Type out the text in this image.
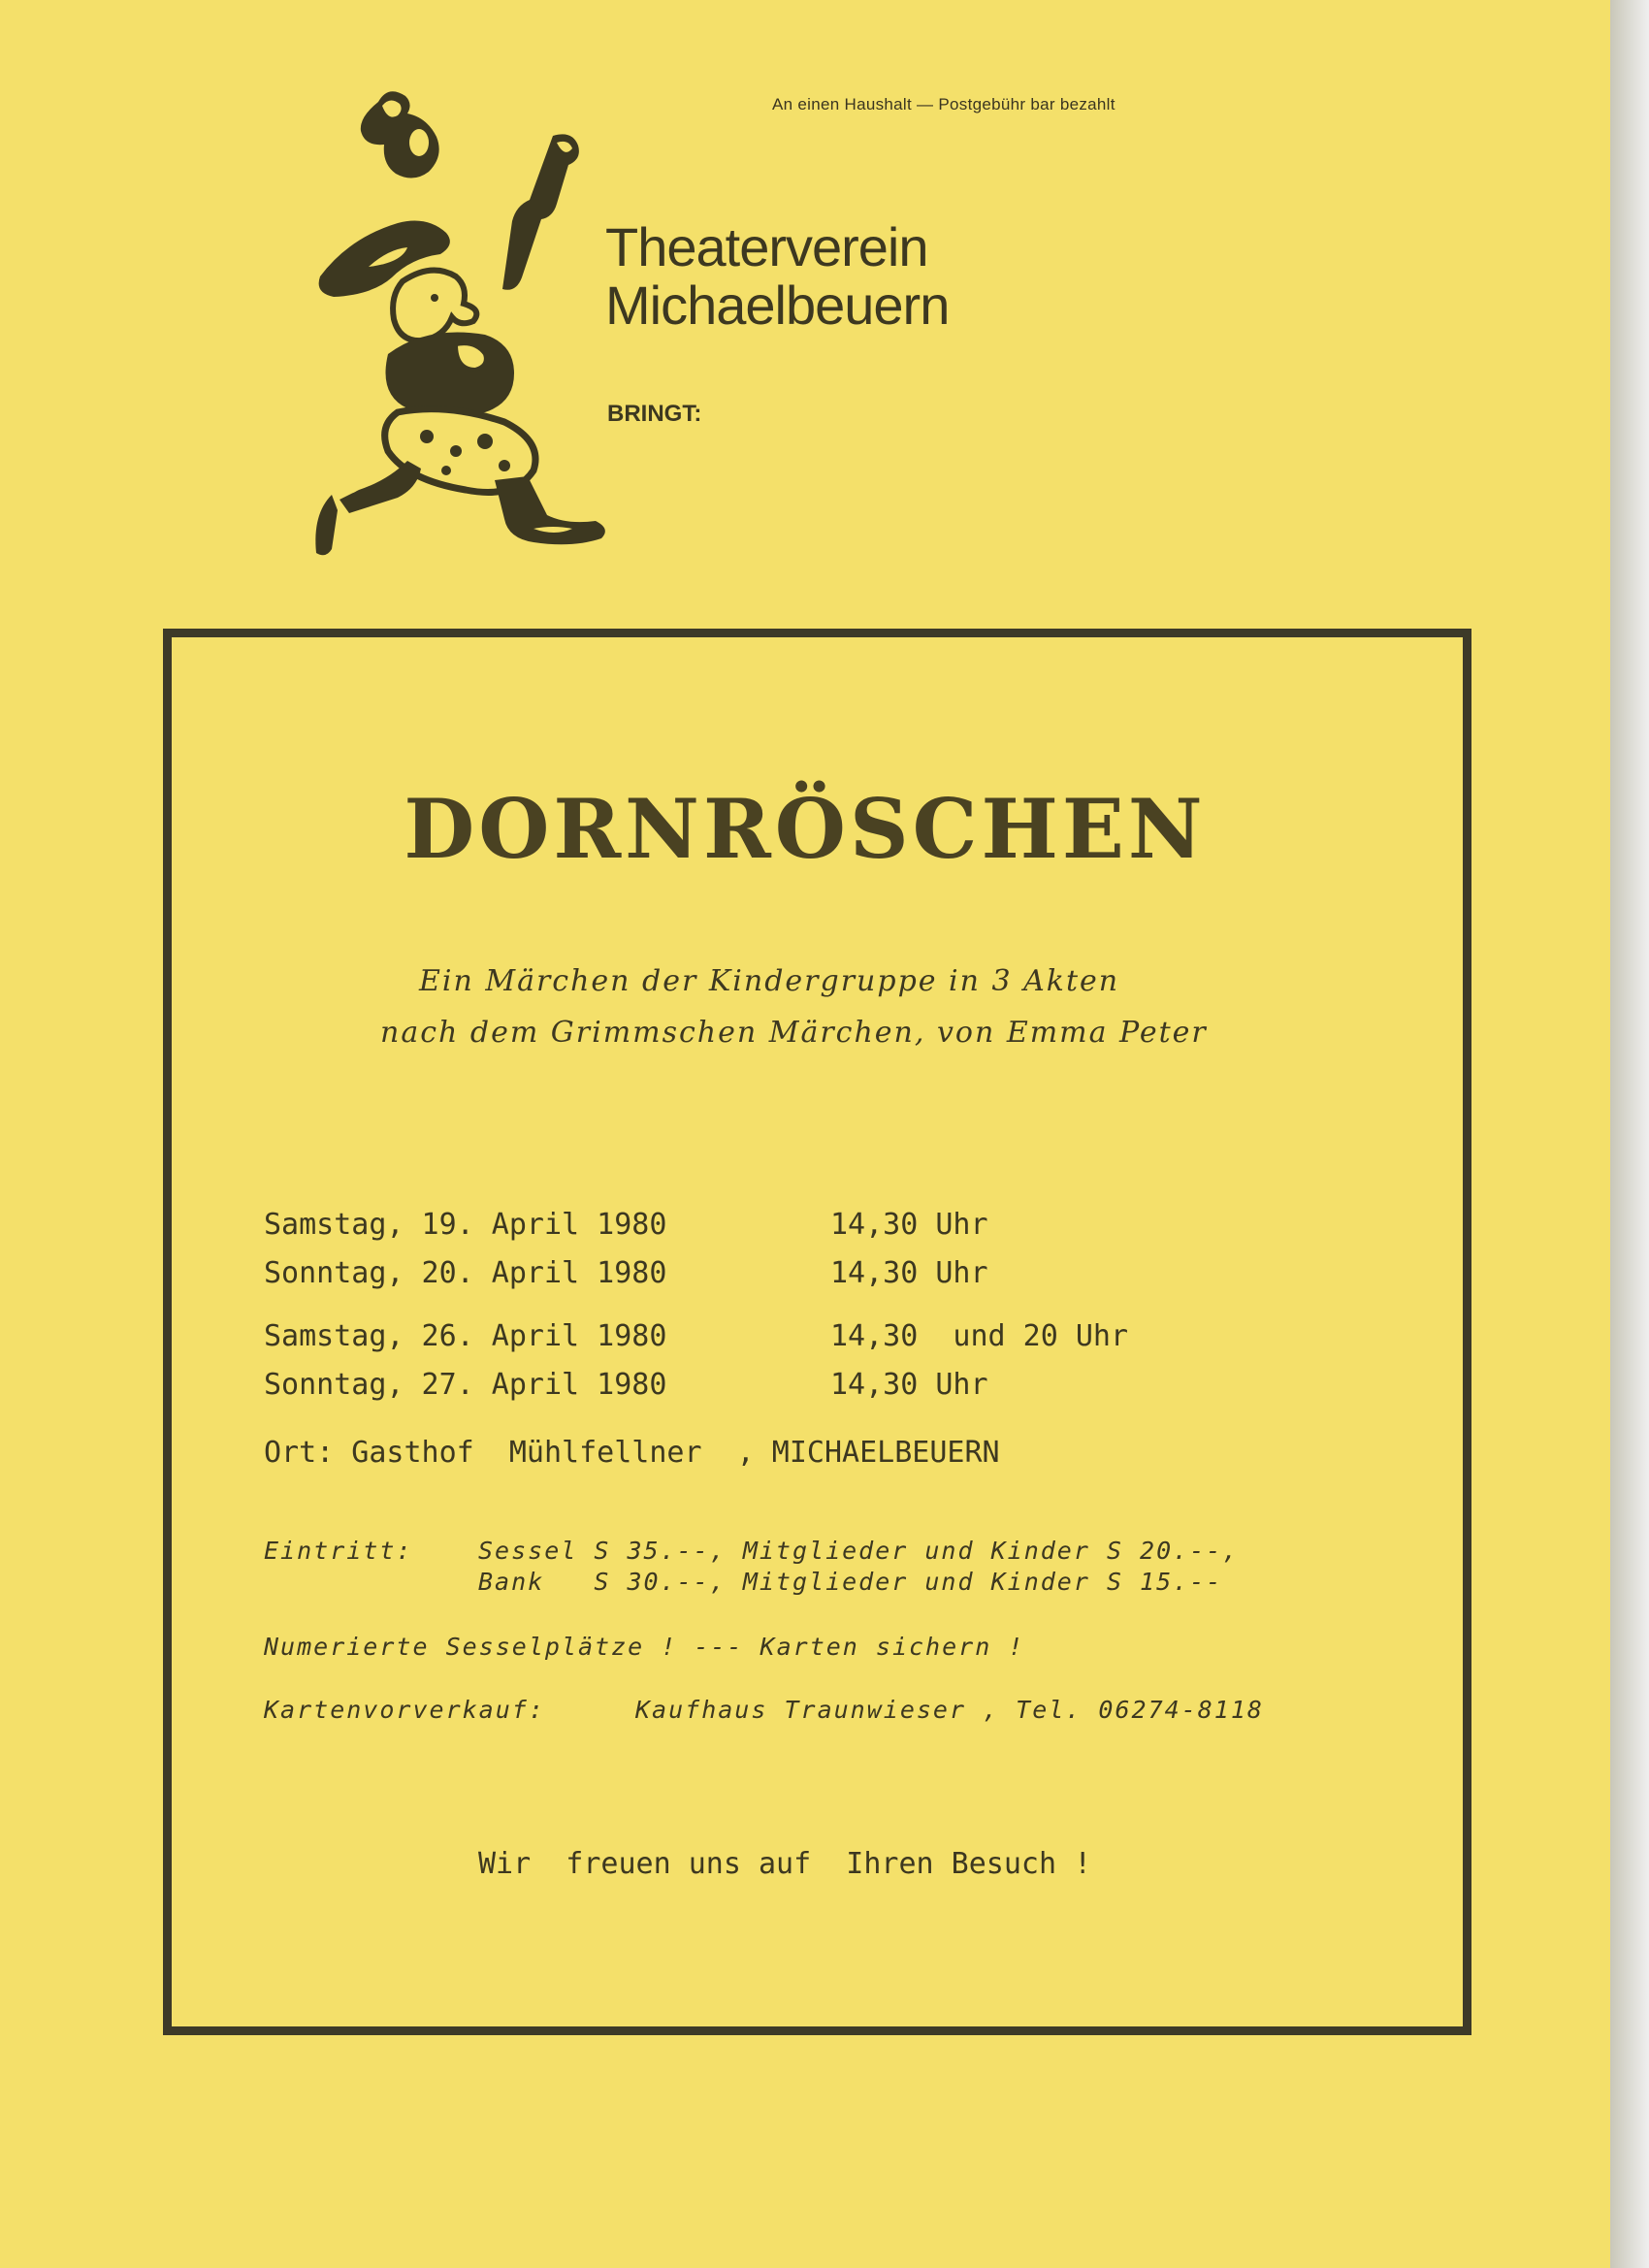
An einen Haushalt — Postgebühr bar bezahlt
Theaterverein
Michaelbeuern
BRINGT:
DORNRÖSCHEN
Ein Märchen der Kindergruppe in 3 Akten
nach dem Grimmschen Märchen, von Emma Peter
Samstag, 19. April 1980	14,30 Uhr
Sonntag, 20. April 1980	14,30 Uhr
Samstag, 26. April 1980	14,30  und 20 Uhr
Sonntag, 27. April 1980	14,30 Uhr
Ort: Gasthof  Mühlfellner  , MICHAELBEUERN
Eintritt:	Sessel S 35.--, Mitglieder und Kinder S 20.--,
Bank   S 30.--, Mitglieder und Kinder S 15.--
Numerierte Sesselplätze ! --- Karten sichern !
Kartenvorverkauf:	Kaufhaus Traunwieser , Tel. 06274-8118
Wir  freuen uns auf  Ihren Besuch !
